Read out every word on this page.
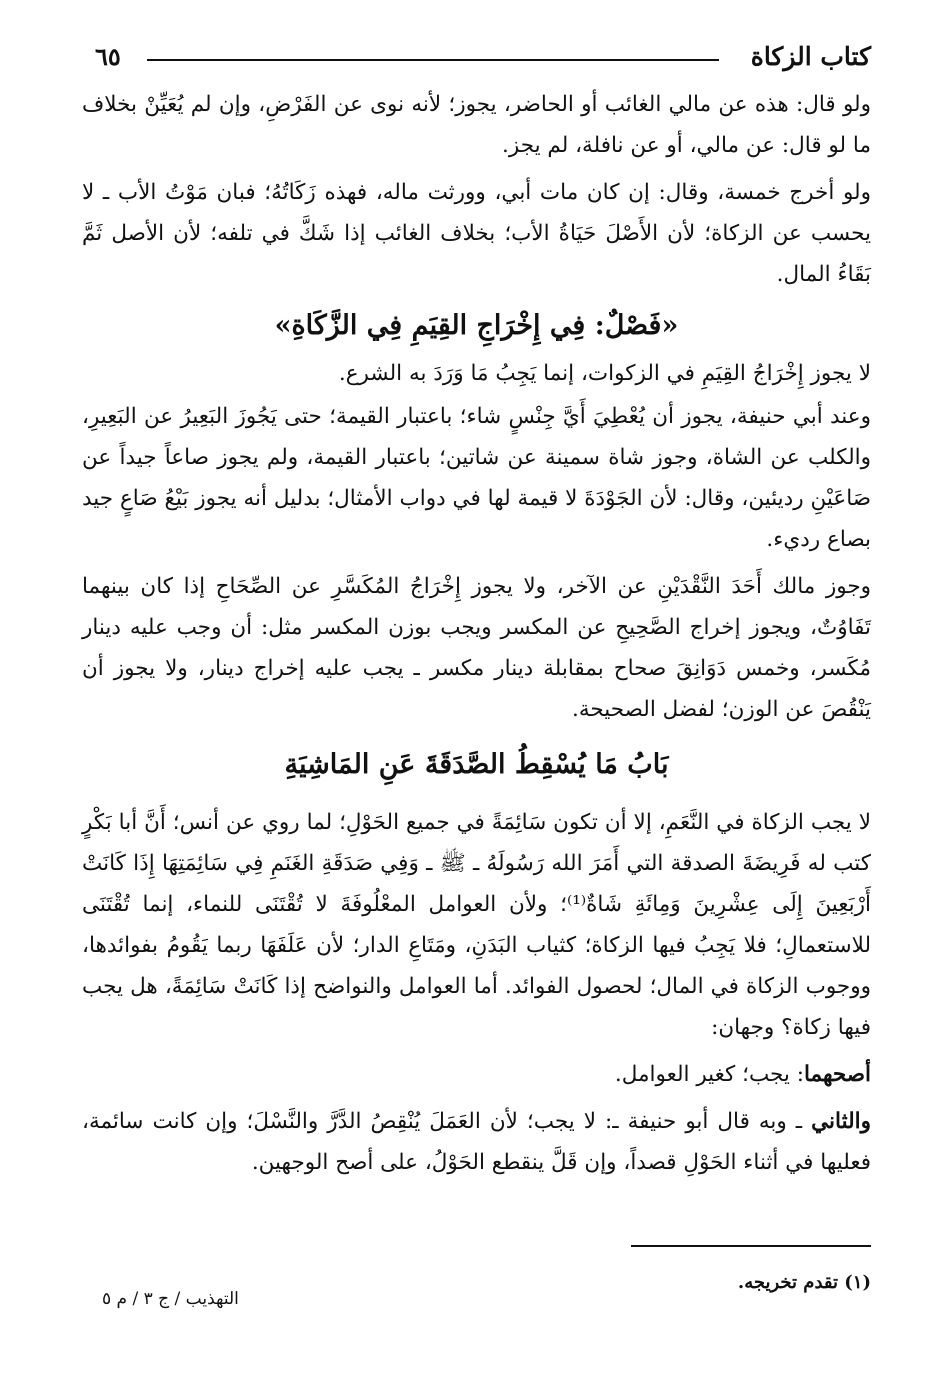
كتاب الزكاة
٦٥

ولو قال: هذه عن مالي الغائب أو الحاضر، يجوز؛ لأنه نوى عن الفَرْضِ، وإن لم يُعَيِّنْ بخلاف ما لو قال: عن مالي، أو عن نافلة، لم يجز.

ولو أخرج خمسة، وقال: إن كان مات أبي، وورثت ماله، فهذه زَكَاتُهُ؛ فبان مَوْتُ الأب ـ لا يحسب عن الزكاة؛ لأن الأَصْلَ حَيَاةُ الأب؛ بخلاف الغائب إذا شَكَّ في تلفه؛ لأن الأصل ثَمَّ بَقَاءُ المال.

«فَصْلٌ: فِي إِخْرَاجِ القِيَمِ فِي الزَّكَاةِ»

لا يجوز إِخْرَاجُ القِيَمِ في الزكوات، إنما يَجِبُ مَا وَرَدَ به الشرع.

وعند أبي حنيفة، يجوز أن يُعْطِيَ أَيَّ جِنْسٍ شاء؛ باعتبار القيمة؛ حتى يَجُوزَ البَعِيرُ عن البَعِيرِ، والكلب عن الشاة، وجوز شاة سمينة عن شاتين؛ باعتبار القيمة، ولم يجوز صاعاً جيداً عن صَاعَيْنِ رديئين، وقال: لأن الجَوْدَةَ لا قيمة لها في دواب الأمثال؛ بدليل أنه يجوز بَيْعُ صَاعٍ جيد بصاع رديء.

وجوز مالك أَحَدَ النَّقْدَيْنِ عن الآخر، ولا يجوز إِخْرَاجُ المُكَسَّرِ عن الصِّحَاحِ إذا كان بينهما تَفَاوُتٌ، ويجوز إخراج الصَّحِيحِ عن المكسر ويجب بوزن المكسر مثل: أن وجب عليه دينار مُكَسر، وخمس دَوَانِقَ صحاح بمقابلة دينار مكسر ـ يجب عليه إخراج دينار، ولا يجوز أن يَنْقُصَ عن الوزن؛ لفضل الصحيحة.

بَابُ مَا يُسْقِطُ الصَّدَقَةَ عَنِ المَاشِيَةِ

لا يجب الزكاة في النَّعَمِ، إلا أن تكون سَائِمَةً في جميع الحَوْلِ؛ لما روي عن أنس؛ أَنَّ أبا بَكْرٍ كتب له فَرِيضَةَ الصدقة التي أَمَرَ الله رَسُولَهُ ـ ﷺ ـ وَفِي صَدَقَةِ الغَنَمِ فِي سَائِمَتِهَا إِذَا كَانَتْ أَرْبَعِينَ إِلَى عِشْرِينَ وَمِائَةِ شَاةٌ⁽¹⁾؛ ولأن العوامل المعْلُوفَةَ لا تُقْتَنَى للنماء، إنما تُقْتَنَى للاستعمالِ؛ فلا يَجِبُ فيها الزكاة؛ كثياب البَدَنِ، ومَتَاعِ الدار؛ لأن عَلَفَهَا ربما يَقُومُ بفوائدها، ووجوب الزكاة في المال؛ لحصول الفوائد. أما العوامل والنواضح إذا كَانَتْ سَائِمَةً، هل يجب فيها زكاة؟ وجهان:

أصحهما: يجب؛ كغير العوامل.

والثاني ـ وبه قال أبو حنيفة ـ: لا يجب؛ لأن العَمَلَ يُنْقِصُ الدَّرَّ والنَّسْلَ؛ وإن كانت سائمة، فعليها في أثناء الحَوْلِ قصداً، وإن قَلَّ ينقطع الحَوْلُ، على أصح الوجهين.

(١) تقدم تخريجه.
التهذيب / ج ٣ / م ٥
